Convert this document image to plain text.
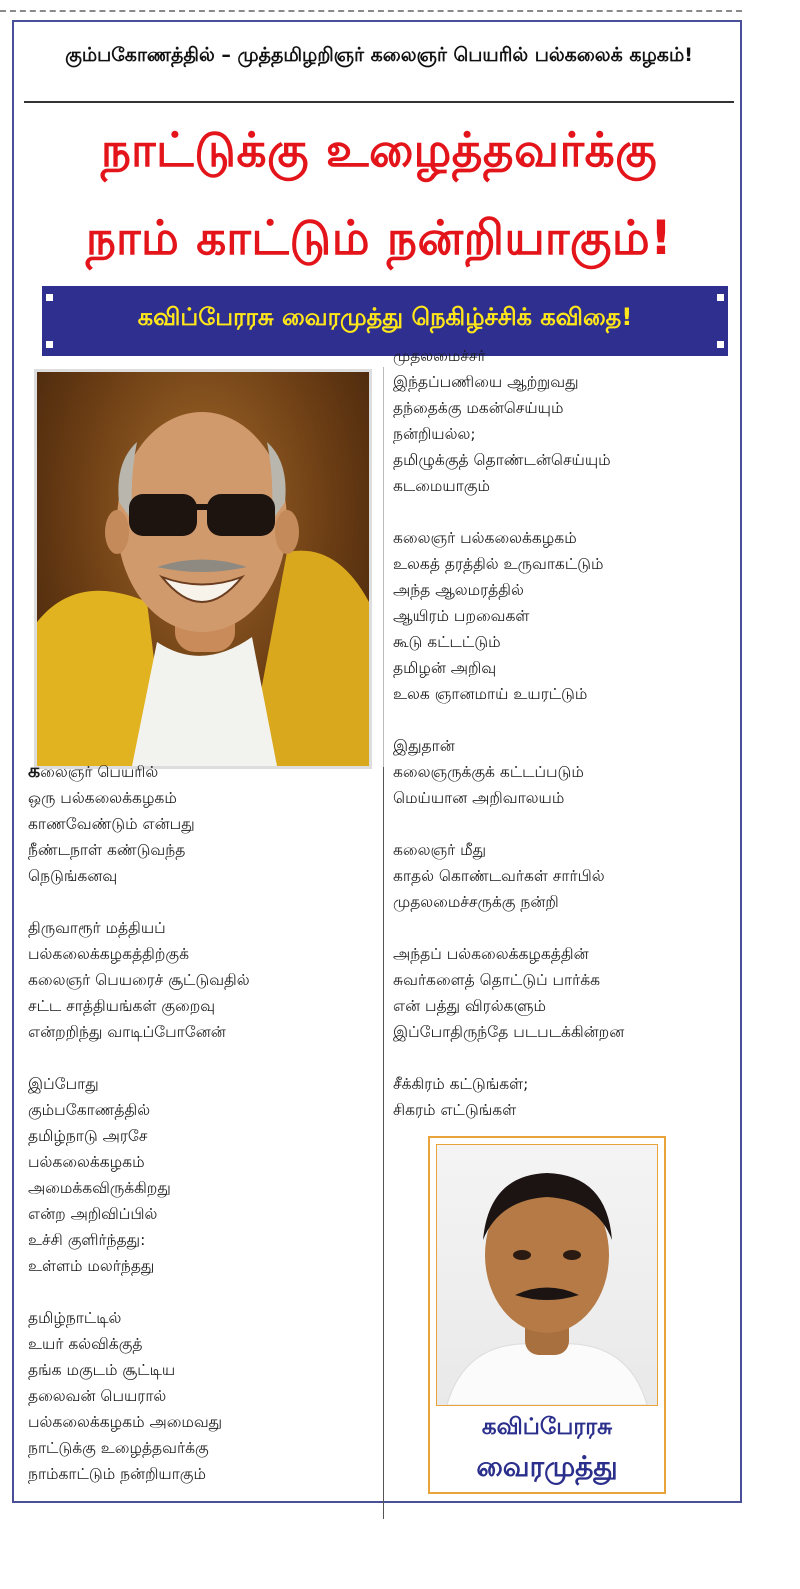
கும்பகோணத்தில் – முத்தமிழறிஞர் கலைஞர் பெயரில் பல்கலைக் கழகம்!
நாட்டுக்கு உழைத்தவர்க்கு
நாம் காட்டும் நன்றியாகும்!
கவிப்பேரரசு வைரமுத்து நெகிழ்ச்சிக் கவிதை!
கலைஞர் பெயரில்
ஒரு பல்கலைக்கழகம்
காணவேண்டும் என்பது
நீண்டநாள் கண்டுவந்த
நெடுங்கனவு
திருவாரூர் மத்தியப்
பல்கலைக்கழகத்திற்குக்
கலைஞர் பெயரைச் சூட்டுவதில்
சட்ட சாத்தியங்கள் குறைவு
என்றறிந்து வாடிப்போனேன்
இப்போது
கும்பகோணத்தில்
தமிழ்நாடு அரசே
பல்கலைக்கழகம்
அமைக்கவிருக்கிறது
என்ற அறிவிப்பில்
உச்சி குளிர்ந்தது:
உள்ளம் மலர்ந்தது
தமிழ்நாட்டில்
உயர் கல்விக்குத்
தங்க மகுடம் சூட்டிய
தலைவன் பெயரால்
பல்கலைக்கழகம் அமைவது
நாட்டுக்கு உழைத்தவர்க்கு
நாம்காட்டும் நன்றியாகும்
முதலமைச்சர்
இந்தப்பணியை ஆற்றுவது
தந்தைக்கு மகன்செய்யும்
நன்றியல்ல;
தமிழுக்குத் தொண்டன்செய்யும்
கடமையாகும்
கலைஞர் பல்கலைக்கழகம்
உலகத் தரத்தில் உருவாகட்டும்
அந்த ஆலமரத்தில்
ஆயிரம் பறவைகள்
கூடு கட்டட்டும்
தமிழன் அறிவு
உலக ஞானமாய் உயரட்டும்
இதுதான்
கலைஞருக்குக் கட்டப்படும்
மெய்யான அறிவாலயம்
கலைஞர் மீது
காதல் கொண்டவர்கள் சார்பில்
முதலமைச்சருக்கு நன்றி
அந்தப் பல்கலைக்கழகத்தின்
சுவர்களைத் தொட்டுப் பார்க்க
என் பத்து விரல்களும்
இப்போதிருந்தே படபடக்கின்றன
சீக்கிரம் கட்டுங்கள்;
சிகரம் எட்டுங்கள்
கவிப்பேரரசு
வைரமுத்து
